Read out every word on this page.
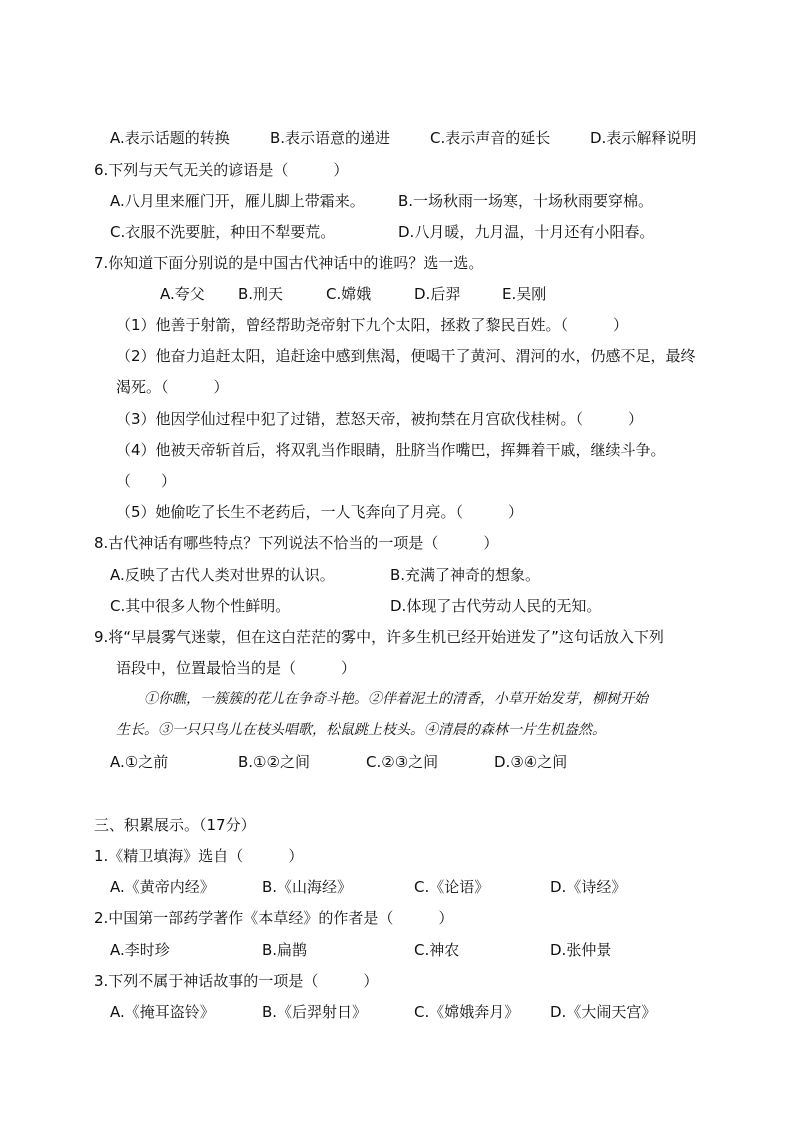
A.表示话题的转换	B.表示语意的递进	C.表示声音的延长	D.表示解释说明
6.下列与天气无关的谚语是（　　　）
A.八月里来雁门开，雁儿脚上带霜来。 B.一场秋雨一场寒，十场秋雨要穿棉。
C.衣服不洗要脏，种田不犁要荒。	D.八月暖，九月温，十月还有小阳春。
7.你知道下面分别说的是中国古代神话中的谁吗？选一选。
A.夸父 B.刑天	C.嫦娥	D.后羿	E.吴刚
（1）他善于射箭，曾经帮助尧帝射下九个太阳，拯救了黎民百姓。（　　　）
（2）他奋力追赶太阳，追赶途中感到焦渴，便喝干了黄河、渭河的水，仍感不足，最终
渴死。（　　　）
（3）他因学仙过程中犯了过错，惹怒天帝，被拘禁在月宫砍伐桂树。（　　　）
（4）他被天帝斩首后，将双乳当作眼睛，肚脐当作嘴巴，挥舞着干戚，继续斗争。
（　　）
（5）她偷吃了长生不老药后，一人飞奔向了月亮。（　　　）
8.古代神话有哪些特点？下列说法不恰当的一项是（　　　）
A.反映了古代人类对世界的认识。	B.充满了神奇的想象。
C.其中很多人物个性鲜明。	D.体现了古代劳动人民的无知。
9.将“早晨雾气迷蒙，但在这白茫茫的雾中，许多生机已经开始迸发了”这句话放入下列
语段中，位置最恰当的是（　　　）
①你瞧，一簇簇的花儿在争奇斗艳。②伴着泥土的清香，小草开始发芽，柳树开始
生长。③一只只鸟儿在枝头唱歌，松鼠跳上枝头。④清晨的森林一片生机盎然。
A.①之前	B.①②之间	C.②③之间	D.③④之间
三、积累展示。（17分）
1.《精卫填海》选自（　　　）
A.《黄帝内经》	B.《山海经》	C.《论语》	D.《诗经》
2.中国第一部药学著作《本草经》的作者是（　　　）
A.李时珍	B.扁鹊	C.神农	D.张仲景
3.下列不属于神话故事的一项是（　　　）
A.《掩耳盗铃》	B.《后羿射日》	C.《嫦娥奔月》 D.《大闹天宫》
